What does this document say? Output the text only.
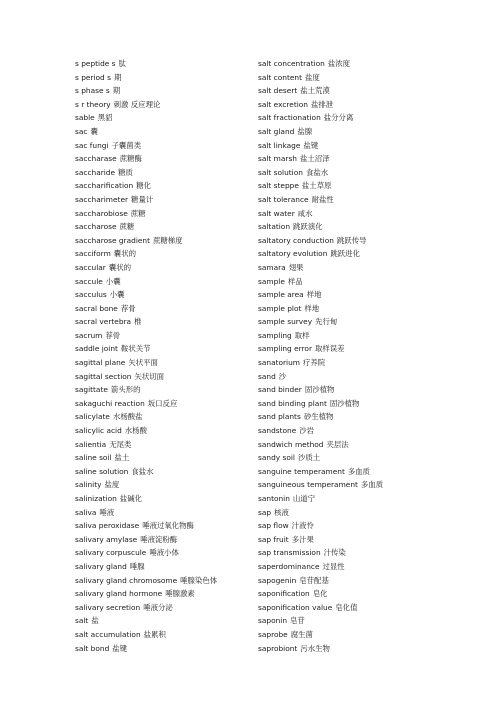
s peptide s 肽
s period s 期
s phase s 期
s r theory 刺激 反应理论
sable 黑貂
sac 囊
sac fungi 子囊菌类
saccharase 蔗糖酶
saccharide 糖质
saccharification 糖化
saccharimeter 糖量计
saccharobiose 蔗糖
saccharose 蔗糖
saccharose gradient 蔗糖梯度
sacciform 囊状的
saccular 囊状的
saccule 小囊
sacculus 小囊
sacral bone 荐骨
sacral vertebra 椎
sacrum 荐骨
saddle joint 鞍状关节
sagittal plane 矢状平面
sagittal section 矢状切面
sagittate 箭头形的
sakaguchi reaction 坂口反应
salicylate 水杨酸盐
salicylic acid 水杨酸
salientia 无尾类
saline soil 盐土
saline solution 食盐水
salinity 盐度
salinization 盐碱化
saliva 唾液
saliva peroxidase 唾液过氧化物酶
salivary amylase 唾液淀粉酶
salivary corpuscule 唾液小体
salivary gland 唾腺
salivary gland chromosome 唾腺染色体
salivary gland hormone 唾腺激素
salivary secretion 唾液分泌
salt 盐
salt accumulation 盐累积
salt bond 盐键
salt concentration 盐浓度
salt content 盐度
salt desert 盐土荒漠
salt excretion 盐排泄
salt fractionation 盐分分离
salt gland 盐腺
salt linkage 盐键
salt marsh 盐土沼泽
salt solution 食盐水
salt steppe 盐土草原
salt tolerance 耐盐性
salt water 咸水
saltation 跳跃演化
saltatory conduction 跳跃传导
saltatory evolution 跳跃进化
samara 翅果
sample 样品
sample area 样地
sample plot 样地
sample survey 先行甸
sampling 取样
sampling error 取样误差
sanatorium 疗养院
sand 沙
sand binder 固沙植物
sand binding plant 固沙植物
sand plants 砂生植物
sandstone 沙岩
sandwich method 夹层法
sandy soil 沙质土
sanguine temperament 多血质
sanguineous temperament 多血质
santonin 山道宁
sap 核液
sap flow 汁液怜
sap fruit 多汁果
sap transmission 汁传染
saperdominance 过显性
sapogenin 皂苷配基
saponification 皂化
saponification value 皂化值
saponin 皂苷
saprobe 腐生菌
saprobiont 污水生物
